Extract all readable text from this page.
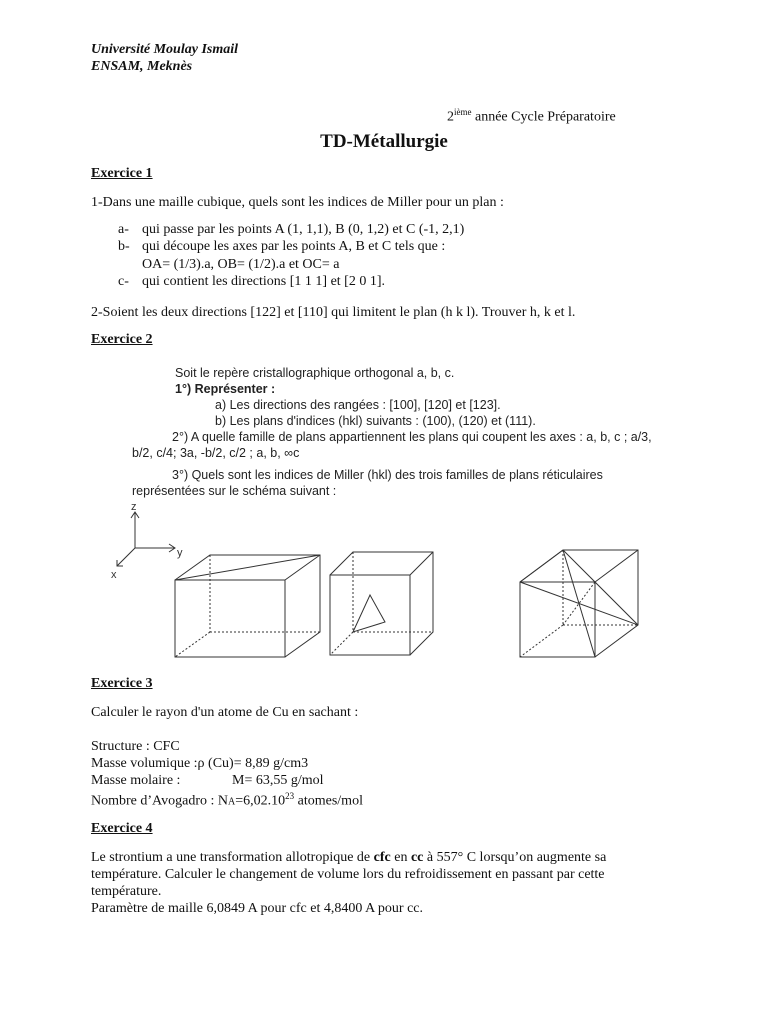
Université Moulay Ismail
ENSAM, Meknès
2ième année Cycle Préparatoire
TD-Métallurgie
Exercice 1
1-Dans une maille cubique, quels sont les indices de Miller pour un plan :
a- qui passe par les points A (1, 1,1), B (0, 1,2) et C (-1, 2,1)
b- qui découpe les axes par les points A, B et C tels que :
OA= (1/3).a, OB= (1/2).a et OC= a
c- qui contient les directions [1 1 1] et [2 0 1].
2-Soient les deux directions [122] et [110] qui limitent le plan (h k l). Trouver h, k et l.
Exercice 2
Soit le repère cristallographique orthogonal a, b, c.
1°) Représenter :
a) Les directions des rangées : [100], [120] et [123].
b) Les plans d'indices (hkl) suivants : (100), (120) et (111).
2°) A quelle famille de plans appartiennent les plans qui coupent les axes : a, b, c ; a/3,
b/2, c/4; 3a, -b/2, c/2 ; a, b, ∞c
3°) Quels sont les indices de Miller (hkl) des trois familles de plans réticulaires
représentées sur le schéma suivant :
z
y
x
Exercice 3
Calculer le rayon d'un atome de Cu en sachant :
Structure : CFC
Masse volumique :ρ (Cu)= 8,89 g/cm3
Masse molaire :	M= 63,55 g/mol
Nombre d’Avogadro : $NA=6,02.10^{23}$ atomes/mol
Exercice 4
Le strontium a une transformation allotropique de cfc en cc à 557° C lorsqu’on augmente sa
température. Calculer le changement de volume lors du refroidissement en passant par cette
température.
Paramètre de maille 6,0849 A pour cfc et 4,8400 A pour cc.
